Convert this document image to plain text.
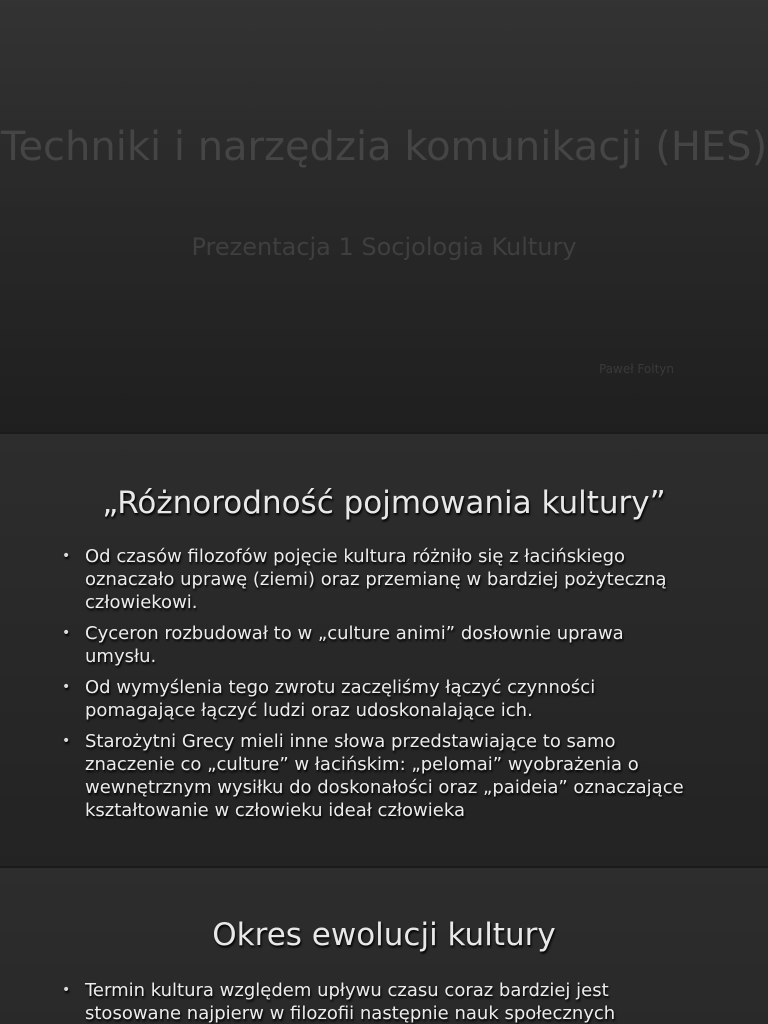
Techniki i narzędzia komunikacji (HES)
Prezentacja 1 Socjologia Kultury
Paweł Foltyn
„Różnorodność pojmowania kultury”
• Od czasów filozofów pojęcie kultura różniło się z łacińskiego oznaczało uprawę (ziemi) oraz przemianę w bardziej pożyteczną człowiekowi.
• Cyceron rozbudował to w „culture animi” dosłownie uprawa umysłu.
• Od wymyślenia tego zwrotu zaczęliśmy łączyć czynności pomagające łączyć ludzi oraz udoskonalające ich.
• Starożytni Grecy mieli inne słowa przedstawiające to samo znaczenie co „culture” w łacińskim: „pelomai” wyobrażenia o wewnętrznym wysiłku do doskonałości oraz „paideia” oznaczające kształtowanie w człowieku ideał człowieka
Okres ewolucji kultury
• Termin kultura względem upływu czasu coraz bardziej jest stosowane najpierw w filozofii następnie nauk społecznych
